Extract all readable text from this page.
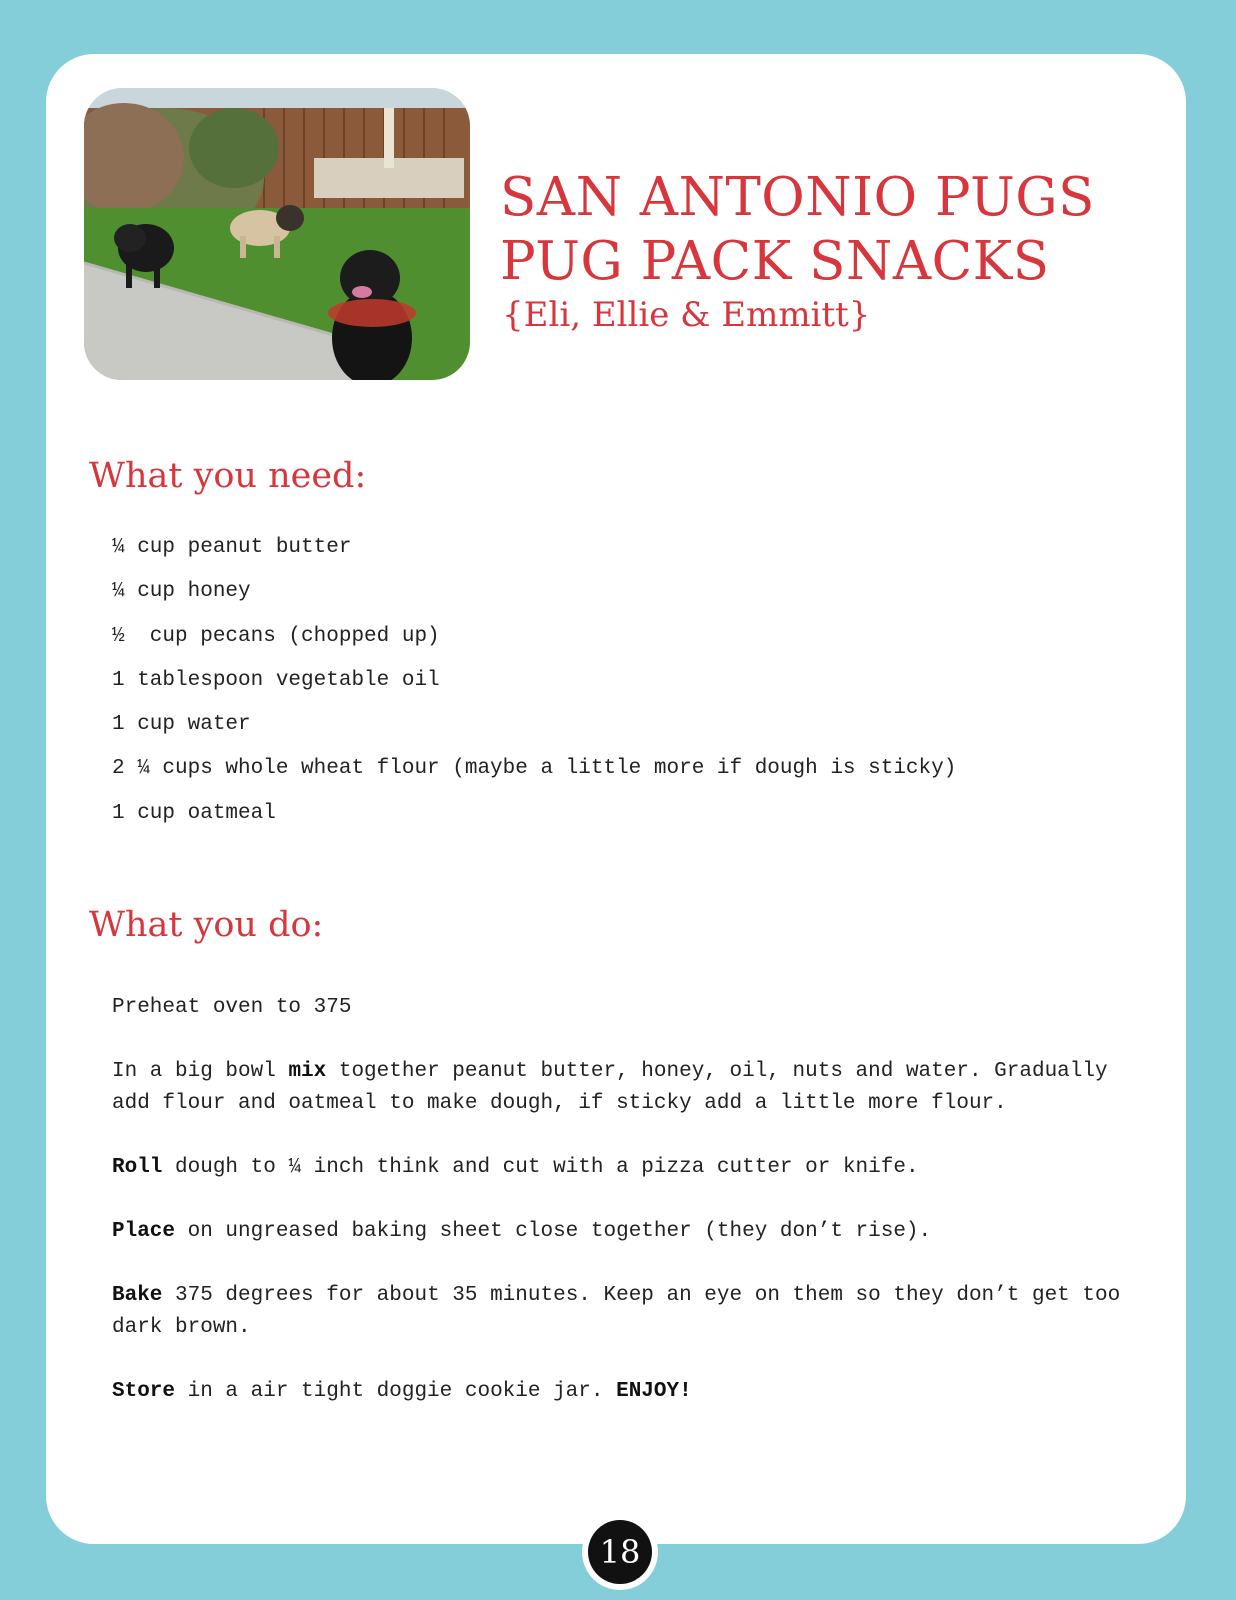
SAN ANTONIO PUGS
PUG PACK SNACKS
{Eli, Ellie & Emmitt}
What you need:
¼ cup peanut butter
¼ cup honey
½  cup pecans (chopped up)
1 tablespoon vegetable oil
1 cup water
2 ¼ cups whole wheat flour (maybe a little more if dough is sticky)
1 cup oatmeal
What you do:

Preheat oven to 375

In a big bowl mix together peanut butter, honey, oil, nuts and water. Gradually add flour and oatmeal to make dough, if sticky add a little more flour.

Roll dough to ¼ inch think and cut with a pizza cutter or knife.

Place on ungreased baking sheet close together (they don’t rise).

Bake 375 degrees for about 35 minutes. Keep an eye on them so they don’t get too dark brown.

Store in a air tight doggie cookie jar. ENJOY!

18
